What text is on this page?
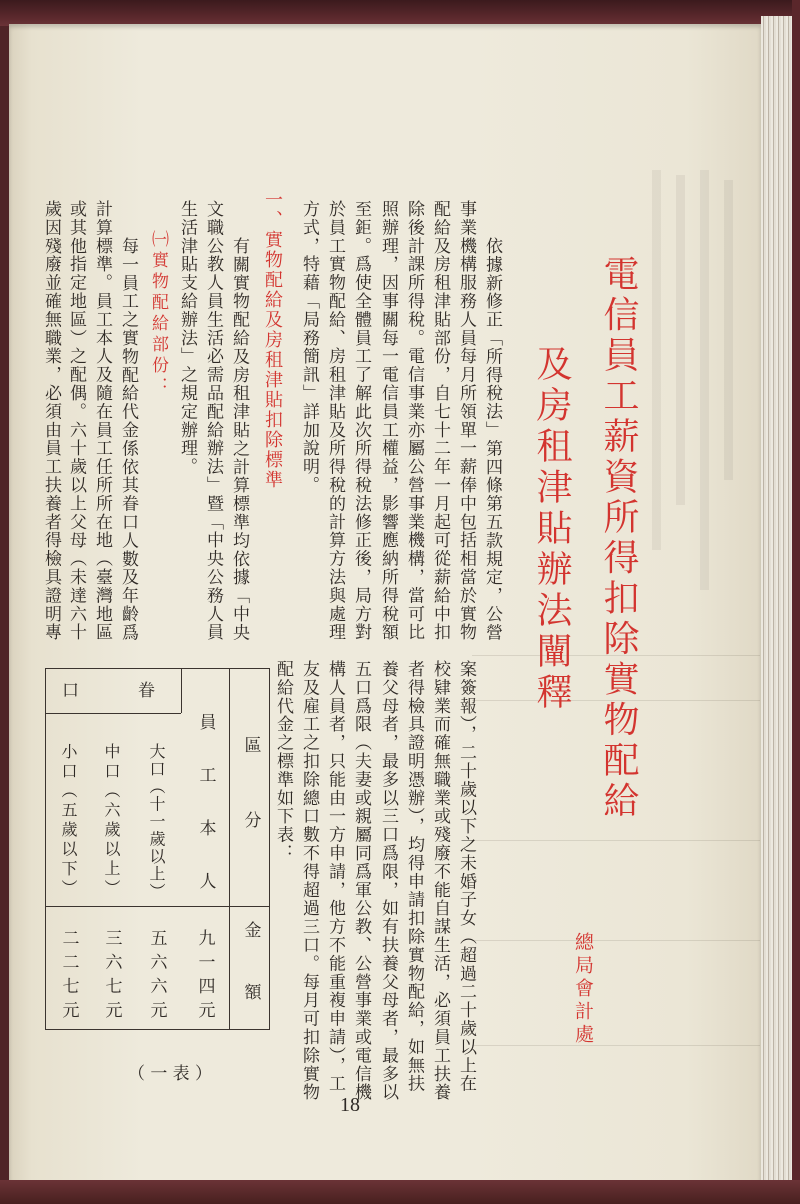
電信員工薪資所得扣除實物配給
及房租津貼辦法闡釋
總局會計處
依據新修正「所得稅法」第四條第五款規定，公營
事業機構服務人員每月所領單一薪俸中包括相當於實物
配給及房租津貼部份，自七十二年一月起可從薪給中扣
除後計課所得稅。電信事業亦屬公營事業機構，當可比
照辦理，因事關每一電信員工權益，影響應納所得稅額
至鉅。爲使全體員工了解此次所得稅法修正後，局方對
於員工實物配給、房租津貼及所得稅的計算方法與處理
方式，特藉「局務簡訊」詳加說明。
一、實物配給及房租津貼扣除標準
有關實物配給及房租津貼之計算標準均依據「中央
文職公教人員生活必需品配給辦法」暨「中央公務人員
生活津貼支給辦法」之規定辦理。
㈠實物配給部份：
每一員工之實物配給代金係依其眷口人數及年齡爲
計算標準。員工本人及隨在員工任所所在地（臺灣地區
或其他指定地區）之配偶。六十歲以上父母（未達六十
歲因殘廢並確無職業，必須由員工扶養者得檢具證明專
案簽報），二十歲以下之未婚子女（超過二十歲以上在
校肄業而確無職業或殘廢不能自謀生活，必須員工扶養
者得檢具證明憑辦），均得申請扣除實物配給，如無扶
養父母者，最多以三口爲限，如有扶養父母者，最多以
五口爲限（夫妻或親屬同爲軍公教、公營事業或電信機
構人員者，只能由一方申請，他方不能重複申請），工
友及雇工之扣除總口數不得超過三口。每月可扣除實物
配給代金之標準如下表：
區分
金額
眷口
員工本人
九一四元
大口（十一歲以上）
五六六元
中口（六歲以上）
三六七元
小口（五歲以下）
二二七元
（表一）
18
